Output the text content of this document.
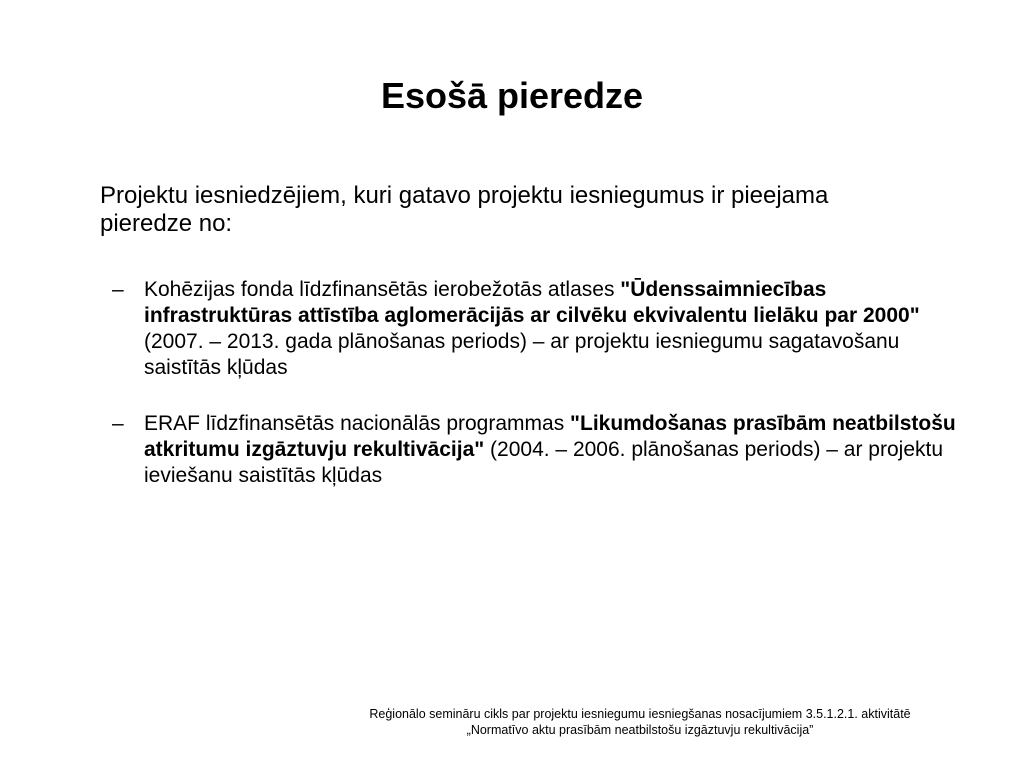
Esošā pieredze
Projektu iesniedzējiem, kuri gatavo projektu iesniegumus ir pieejama pieredze no:
– Kohēzijas fonda līdzfinansētās ierobežotās atlases "Ūdenssaimniecības infrastruktūras attīstība aglomerācijās ar cilvēku ekvivalentu lielāku par 2000" (2007. – 2013. gada plānošanas periods) – ar projektu iesniegumu sagatavošanu saistītās kļūdas
– ERAF līdzfinansētās nacionālās programmas "Likumdošanas prasībām neatbilstošu atkritumu izgāztuvju rekultivācija" (2004. – 2006. plānošanas periods) – ar projektu ieviešanu saistītās kļūdas
Reģionālo semināru cikls par projektu iesniegumu iesniegšanas nosacījumiem 3.5.1.2.1. aktivitātē
„Normatīvo aktu prasībām neatbilstošu izgāztuvju rekultivācija”
